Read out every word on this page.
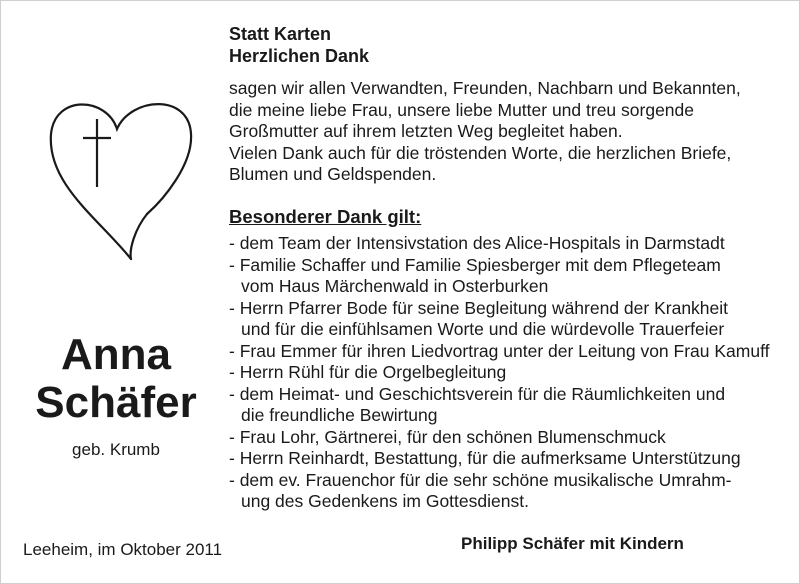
Anna
Schäfer
geb. Krumb
Leeheim, im Oktober 2011
Statt Karten
Herzlichen Dank
sagen wir allen Verwandten, Freunden, Nachbarn und Bekannten,
die meine liebe Frau, unsere liebe Mutter und treu sorgende
Großmutter auf ihrem letzten Weg begleitet haben.
Vielen Dank auch für die tröstenden Worte, die herzlichen Briefe,
Blumen und Geldspenden.
Besonderer Dank gilt:
- dem Team der Intensivstation des Alice-Hospitals in Darmstadt
- Familie Schaffer und Familie Spiesberger mit dem Pflegeteam
vom Haus Märchenwald in Osterburken
- Herrn Pfarrer Bode für seine Begleitung während der Krankheit
und für die einfühlsamen Worte und die würdevolle Trauerfeier
- Frau Emmer für ihren Liedvortrag unter der Leitung von Frau Kamuff
- Herrn Rühl für die Orgelbegleitung
- dem Heimat- und Geschichtsverein für die Räumlichkeiten und
die freundliche Bewirtung
- Frau Lohr, Gärtnerei, für den schönen Blumenschmuck
- Herrn Reinhardt, Bestattung, für die aufmerksame Unterstützung
- dem ev. Frauenchor für die sehr schöne musikalische Umrahm-
ung des Gedenkens im Gottesdienst.
Philipp Schäfer mit Kindern
